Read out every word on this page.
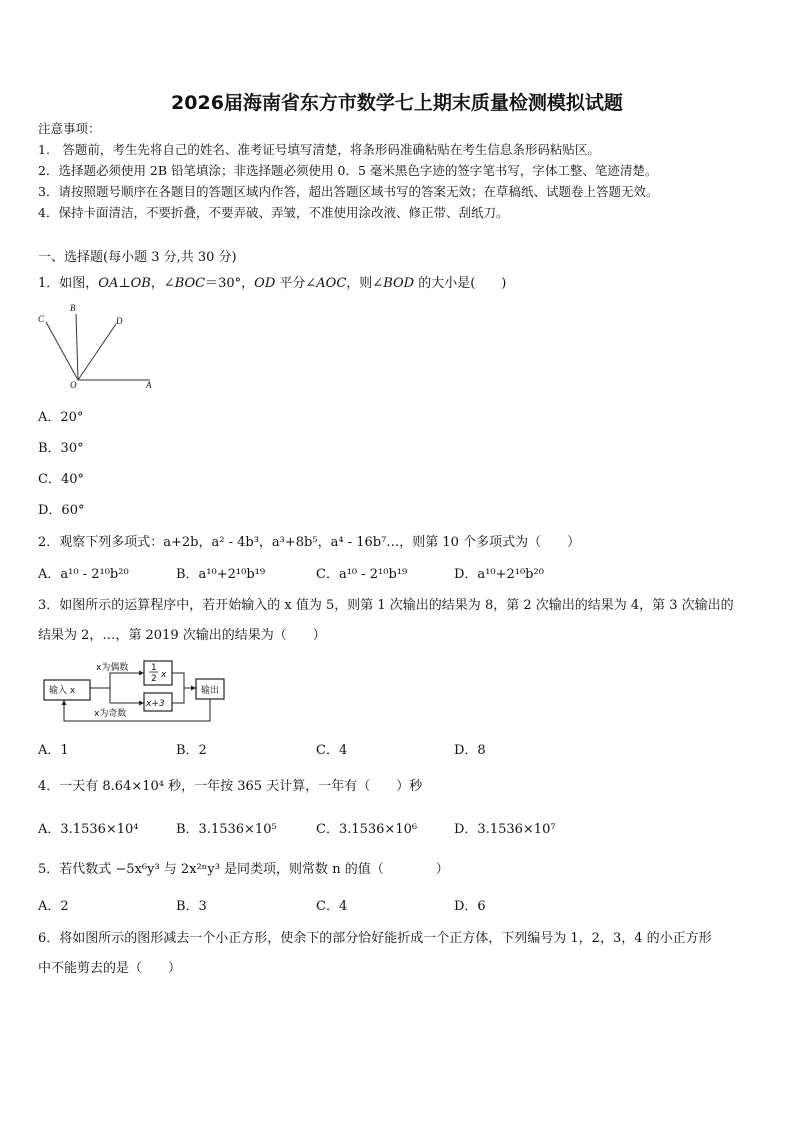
2026届海南省东方市数学七上期末质量检测模拟试题
注意事项：
1.　答题前，考生先将自己的姓名、准考证号填写清楚，将条形码准确粘贴在考生信息条形码粘贴区。
2．选择题必须使用 2B 铅笔填涂；非选择题必须使用 0．5 毫米黑色字迹的签字笔书写，字体工整、笔迹清楚。
3．请按照题号顺序在各题目的答题区域内作答，超出答题区域书写的答案无效；在草稿纸、试题卷上答题无效。
4．保持卡面清洁，不要折叠，不要弄破、弄皱，不准使用涂改液、修正带、刮纸刀。
一、选择题(每小题 3 分,共 30 分)
1．如图，OA⊥OB，∠BOC＝30°，OD 平分∠AOC，则∠BOD 的大小是(　　)
C
B
D
O	A
A．20°
B．30°
C．40°
D．60°
2．观察下列多项式：a+2b，a² - 4b³，a³+8b⁵，a⁴ - 16b⁷…，则第 10 个多项式为（　　）
A．a¹⁰ - 2¹⁰b²⁰	B．a¹⁰+2¹⁰b¹⁹	C．a¹⁰ - 2¹⁰b¹⁹	D．a¹⁰+2¹⁰b²⁰
3．如图所示的运算程序中，若开始输入的 x 值为 5，则第 1 次输出的结果为 8，第 2 次输出的结果为 4，第 3 次输出的
结果为 2，…，第 2019 次输出的结果为（　　）
输入 x
x为偶数	1
2 x
x+3
输出
x为奇数
A．1	B．2	C．4	D．8
4．一天有 8.64×10⁴ 秒，一年按 365 天计算，一年有（　　）秒
A．3.1536×10⁴	B．3.1536×10⁵	C．3.1536×10⁶	D．3.1536×10⁷
5．若代数式 −5x⁶y³ 与 2x²ⁿy³ 是同类项，则常数 n 的值（　　　　）
A．2	B．3	C．4	D．6
6．将如图所示的图形减去一个小正方形，使余下的部分恰好能折成一个正方体，下列编号为 1，2，3，4 的小正方形
中不能剪去的是（　　）
